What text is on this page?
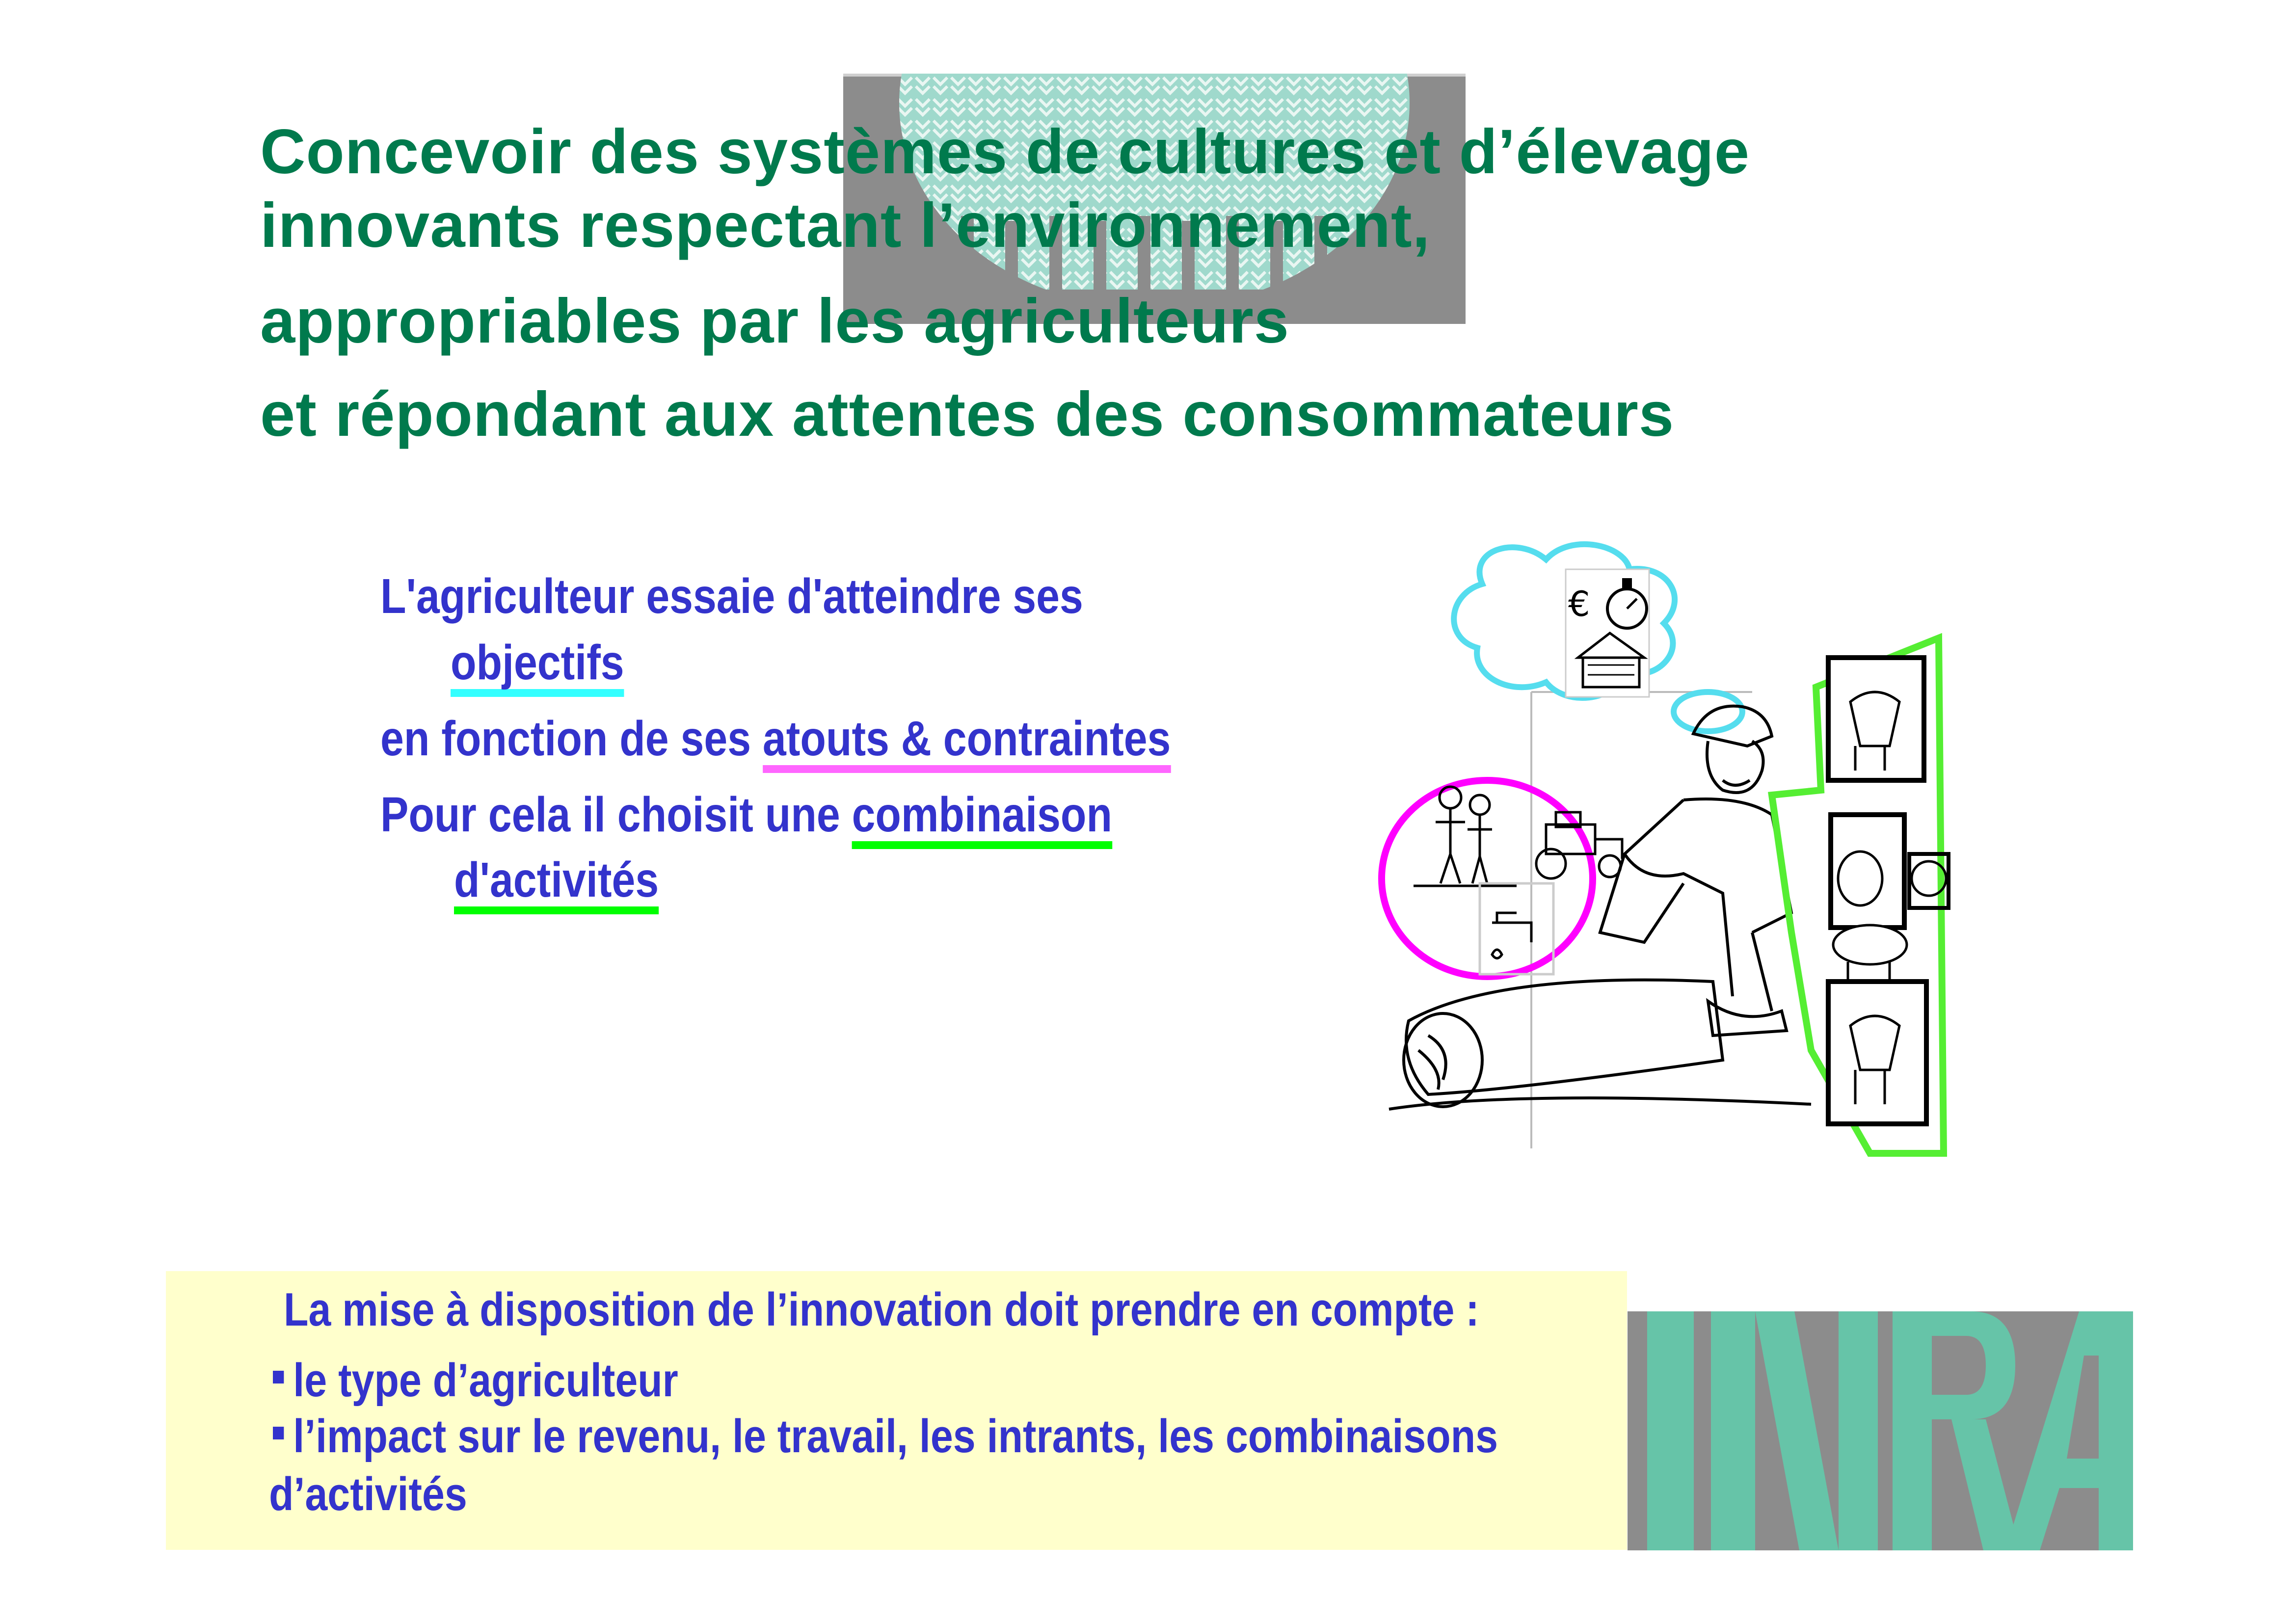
Concevoir des systèmes de cultures et d’élevage
innovants respectant l’environnement,
appropriables par les agriculteurs
et répondant aux attentes des consommateurs

L'agriculteur essaie d'atteindre ses

objectifs

en fonction de ses atouts & contraintes

Pour cela il choisit une combinaison

d'activités

€

La mise à disposition de l’innovation doit prendre en compte :

le type d’agriculteur

l’impact sur le revenu, le travail, les intrants, les combinaisons

d’activités
